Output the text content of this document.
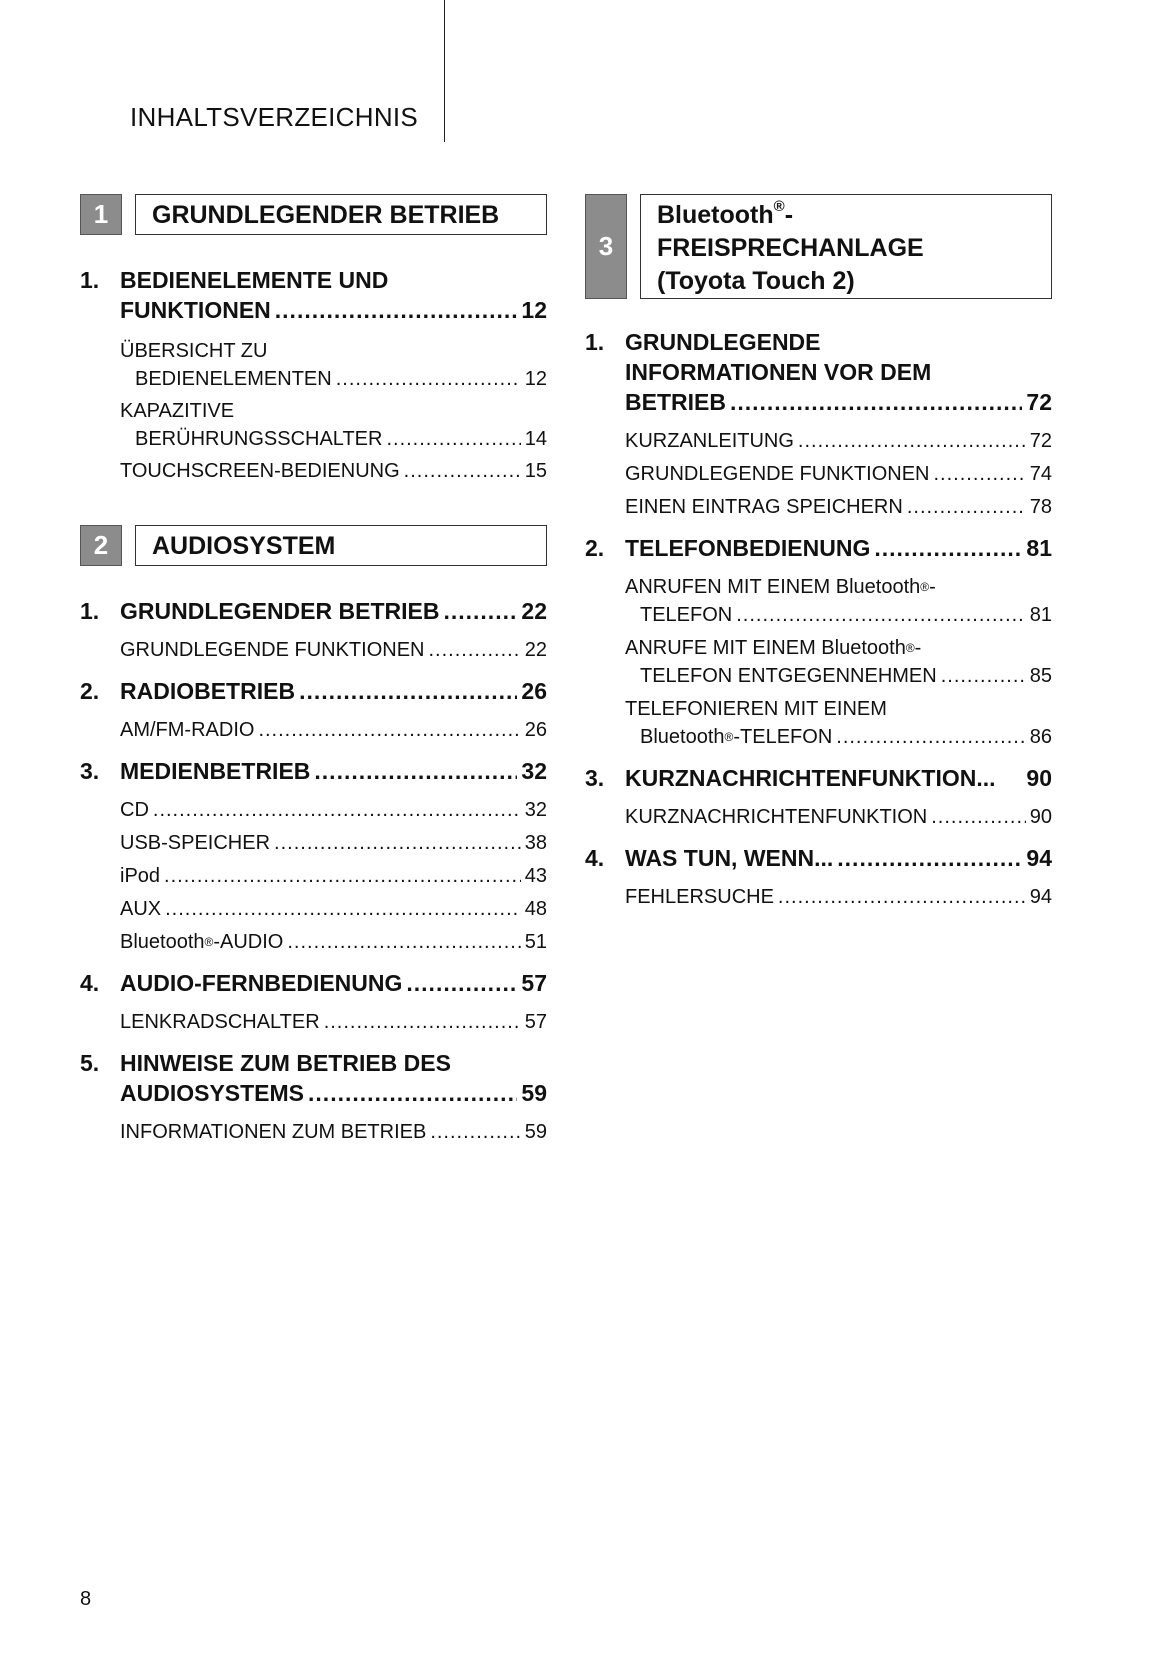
INHALTSVERZEICHNIS
1	GRUNDLEGENDER BETRIEB
1. BEDIENELEMENTE UND
FUNKTIONEN .....	12
ÜBERSICHT ZU
BEDIENELEMENTEN .....	12
KAPAZITIVE
BERÜHRUNGSSCHALTER .....	14
TOUCHSCREEN-BEDIENUNG .....	15
2	AUDIOSYSTEM
1. GRUNDLEGENDER BETRIEB .....	22
GRUNDLEGENDE FUNKTIONEN .....	22
2. RADIOBETRIEB .....	26
AM/FM-RADIO .....	26
3. MEDIENBETRIEB .....	32
CD .....	32
USB-SPEICHER .....	38
iPod .....	43
AUX .....	48
Bluetooth® -AUDIO .....	51
4. AUDIO-FERNBEDIENUNG .....	57
LENKRADSCHALTER .....	57
5. HINWEISE ZUM BETRIEB DES
AUDIOSYSTEMS .....	59
INFORMATIONEN ZUM BETRIEB .....	59
3
Bluetooth®-
FREISPRECHANLAGE
(Toyota Touch 2)
1. GRUNDLEGENDE
INFORMATIONEN VOR DEM
BETRIEB .....	72
KURZANLEITUNG .....	72
GRUNDLEGENDE FUNKTIONEN .....	74
EINEN EINTRAG SPEICHERN .....	78
2. TELEFONBEDIENUNG .....	81
ANRUFEN MIT EINEM Bluetooth® -
TELEFON .....	81
ANRUFE MIT EINEM Bluetooth® -
TELEFON ENTGEGENNEHMEN .....	85
TELEFONIEREN MIT EINEM
Bluetooth® -TELEFON .....	86
3. KURZNACHRICHTENFUNKTION... 90
KURZNACHRICHTENFUNKTION .....	90
4. WAS TUN, WENN... .....	94
FEHLERSUCHE .....	94
8
